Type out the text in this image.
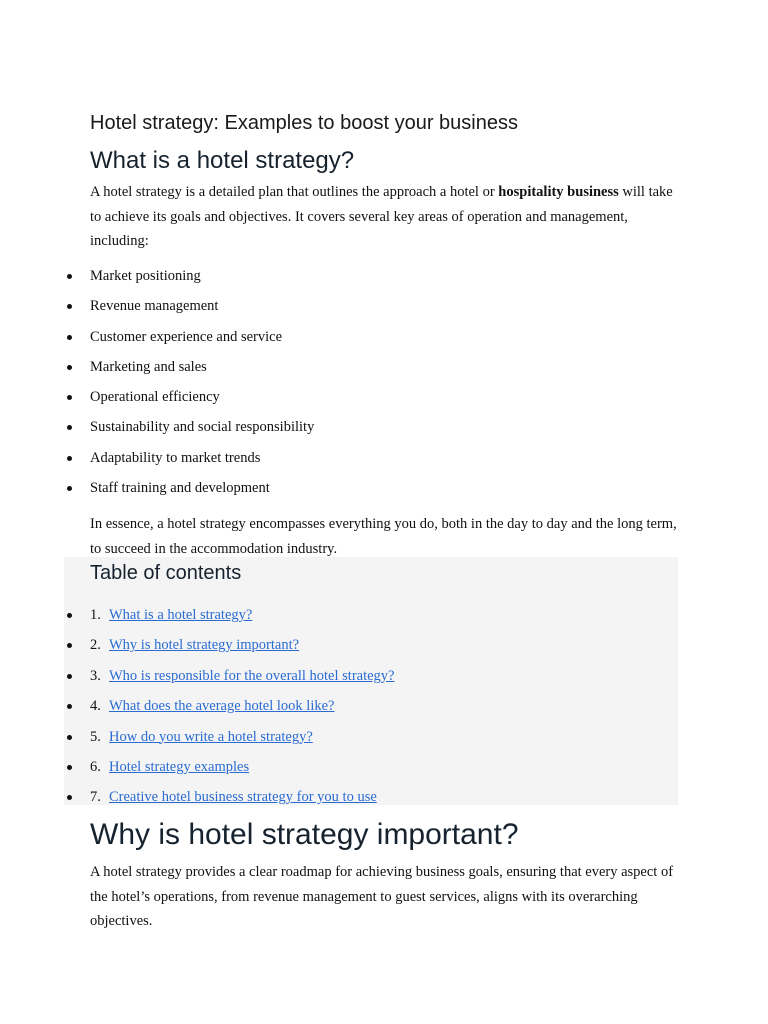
Hotel strategy: Examples to boost your business
What is a hotel strategy?

A hotel strategy is a detailed plan that outlines the approach a hotel or hospitality business will take to achieve its goals and objectives. It covers several key areas of operation and management, including:

Market positioning
Revenue management
Customer experience and service
Marketing and sales
Operational efficiency
Sustainability and social responsibility
Adaptability to market trends
Staff training and development

In essence, a hotel strategy encompasses everything you do, both in the day to day and the long term, to succeed in the accommodation industry.

Table of contents
1. What is a hotel strategy?
2. Why is hotel strategy important?
3. Who is responsible for the overall hotel strategy?
4. What does the average hotel look like?
5. How do you write a hotel strategy?
6. Hotel strategy examples
7. Creative hotel business strategy for you to use
Why is hotel strategy important?

A hotel strategy provides a clear roadmap for achieving business goals, ensuring that every aspect of the hotel’s operations, from revenue management to guest services, aligns with its overarching objectives.
